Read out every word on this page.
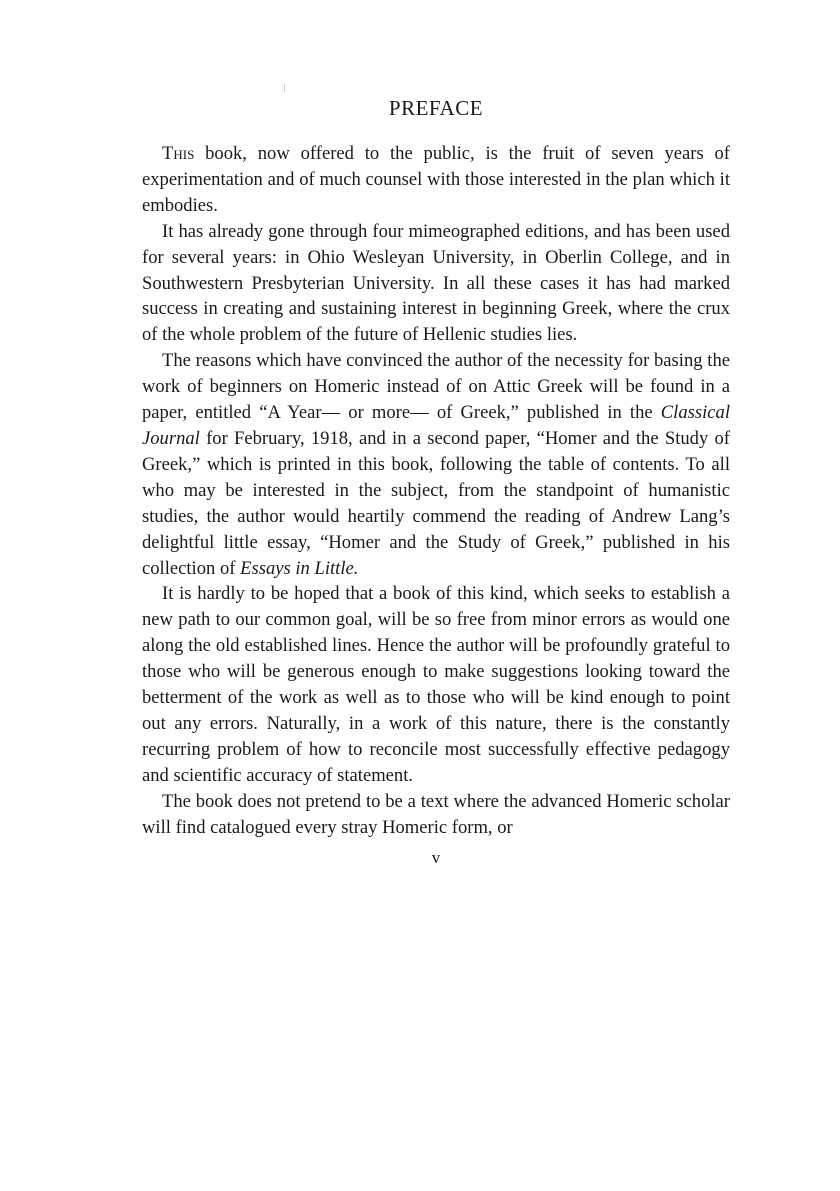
PREFACE

This book, now offered to the public, is the fruit of seven years of experimentation and of much counsel with those interested in the plan which it embodies.

It has already gone through four mimeographed editions, and has been used for several years: in Ohio Wesleyan University, in Oberlin College, and in Southwestern Presbyterian University. In all these cases it has had marked success in creating and sustaining interest in beginning Greek, where the crux of the whole problem of the future of Hellenic studies lies.

The reasons which have convinced the author of the necessity for basing the work of beginners on Homeric instead of on Attic Greek will be found in a paper, entitled “A Year— or more— of Greek,” published in the Classical Journal for February, 1918, and in a second paper, “Homer and the Study of Greek,” which is printed in this book, following the table of contents. To all who may be interested in the subject, from the standpoint of humanistic studies, the author would heartily commend the reading of Andrew Lang’s delightful little essay, “Homer and the Study of Greek,” published in his collection of Essays in Little.

It is hardly to be hoped that a book of this kind, which seeks to establish a new path to our common goal, will be so free from minor errors as would one along the old established lines. Hence the author will be profoundly grateful to those who will be generous enough to make suggestions looking toward the betterment of the work as well as to those who will be kind enough to point out any errors. Naturally, in a work of this nature, there is the constantly recurring problem of how to reconcile most successfully effective pedagogy and scientific accuracy of statement.

The book does not pretend to be a text where the advanced Homeric scholar will find catalogued every stray Homeric form, or

v
